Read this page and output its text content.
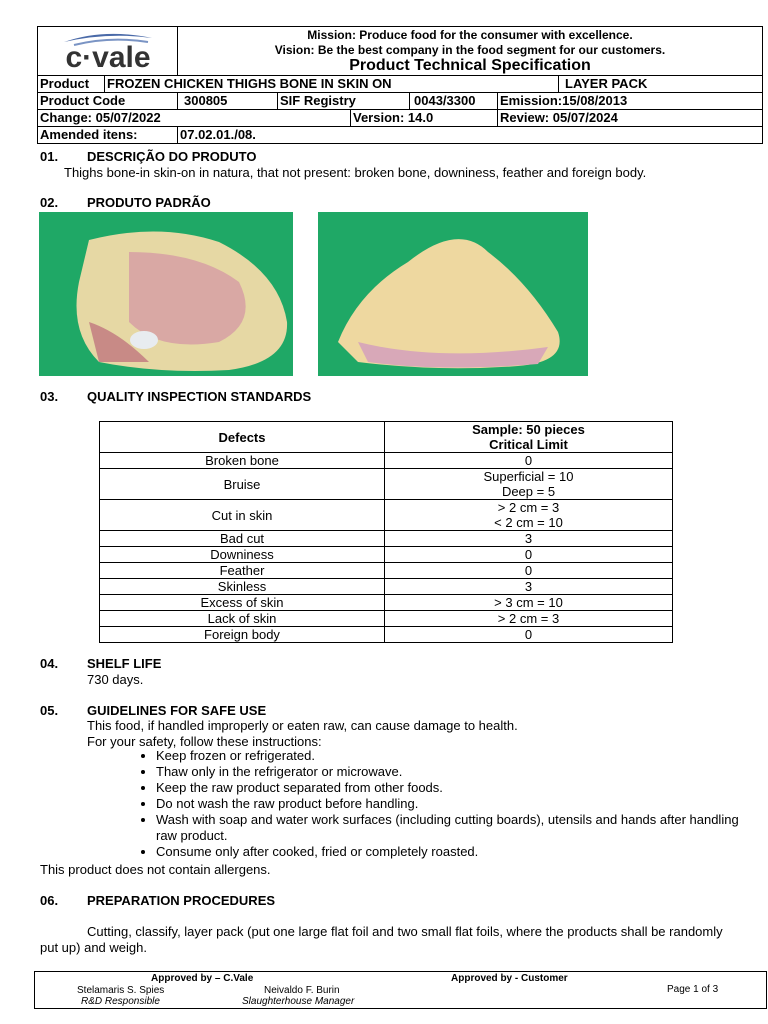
c·vale
Mission: Produce food for the consumer with excellence.
Vision: Be the best company in the food segment for our customers.
Product Technical Specification
Product	FROZEN CHICKEN THIGHS BONE IN SKIN ON	LAYER PACK
Product Code	300805	SIF Registry	0043/3300	Emission:15/08/2013
Change: 05/07/2022	Version: 14.0	Review: 05/07/2024
Amended itens:	07.02.01./08.
01. DESCRIÇÃO DO PRODUTO
Thighs bone-in skin-on in natura, that not present: broken bone, downiness, feather and foreign body.
02. PRODUTO PADRÃO
03. QUALITY INSPECTION STANDARDS
Defects	Sample: 50 pieces
Critical Limit
Broken bone	0
Bruise	Superficial = 10
Deep = 5
Cut in skin	> 2 cm = 3
< 2 cm = 10
Bad cut	3
Downiness	0
Feather	0
Skinless	3
Excess of skin	> 3 cm = 10
Lack of skin	> 2 cm = 3
Foreign body	0
04. SHELF LIFE
730 days.
05. GUIDELINES FOR SAFE USE
This food, if handled improperly or eaten raw, can cause damage to health.
For your safety, follow these instructions:
• Keep frozen or refrigerated.
• Thaw only in the refrigerator or microwave.
• Keep the raw product separated from other foods.
• Do not wash the raw product before handling.
• Wash with soap and water work surfaces (including cutting boards), utensils and hands after handling raw product.
• Consume only after cooked, fried or completely roasted.
This product does not contain allergens.
06. PREPARATION PROCEDURES
Cutting, classify, layer pack (put one large flat foil and two small flat foils, where the products shall be randomly put up) and weigh.
Approved by – C.Vale	Approved by - Customer
Stelamaris S. Spies
R&D Responsible
Neivaldo F. Burin
Slaughterhouse Manager
Page 1 of 3
